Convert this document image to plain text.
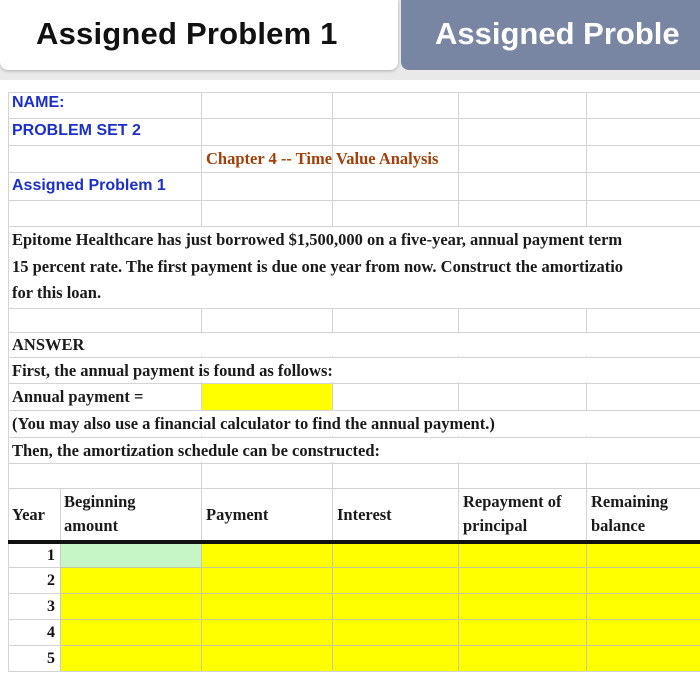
Assigned Problem 1	Assigned Proble
NAME:
PROBLEM SET 2
Chapter 4 -- Time Value Analysis
Assigned Problem 1
Epitome Healthcare has just borrowed $1,500,000 on a five-year, annual payment term
15 percent rate. The first payment is due one year from now. Construct the amortizatio
for this loan.
ANSWER
First, the annual payment is found as follows:
Annual payment =
(You may also use a financial calculator to find the annual payment.)
Then, the amortization schedule can be constructed:
Year
Beginning
amount
Payment	Interest
Repayment of
principal
Remaining
balance
1
2
3
4
5
